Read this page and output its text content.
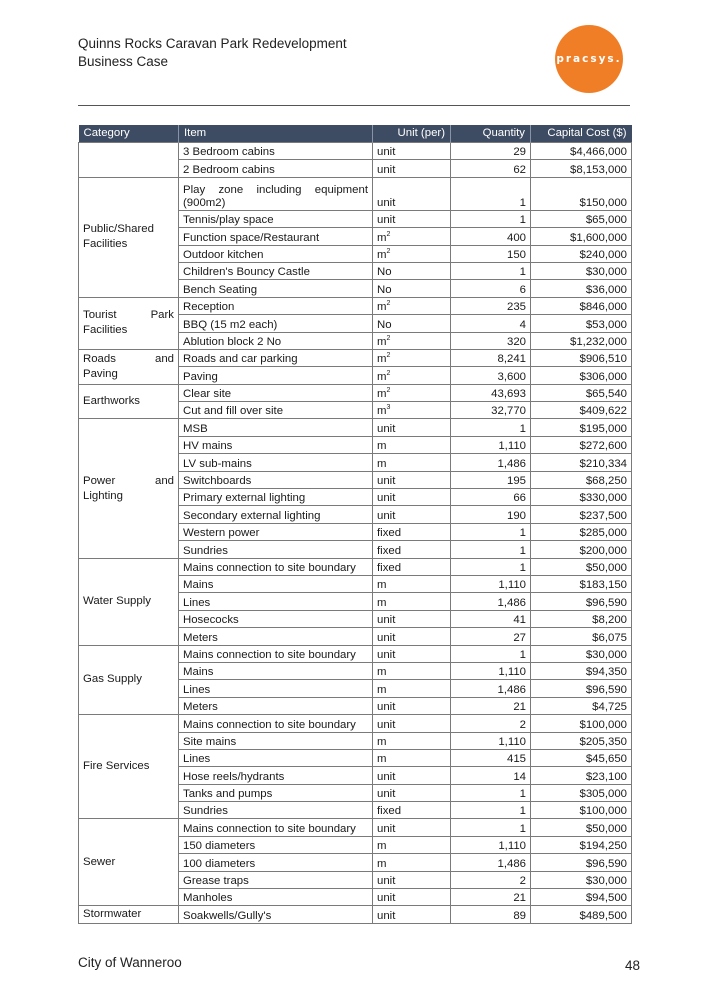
Quinns Rocks Caravan Park Redevelopment
Business Case	pracsys.
Category	Item	Unit (per)	Quantity	Capital Cost ($)
	3 Bedroom cabins	unit	29	$4,466,000
	2 Bedroom cabins	unit	62	$8,153,000
Public/Shared Facilities	Play zone including equipment (900m2)	unit	1	$150,000
	Tennis/play space	unit	1	$65,000
	Function space/Restaurant	$m^2$	400	$1,600,000
	Outdoor kitchen	$m^2$	150	$240,000
	Children's Bouncy Castle	No	1	$30,000
	Bench Seating	No	6	$36,000
Tourist Park Facilities	Reception	$m^2$	235	$846,000
	BBQ (15 m2 each)	No	4	$53,000
	Ablution block 2 No	$m^2$	320	$1,232,000
Roads and Paving	Roads and car parking	$m^2$	8,241	$906,510
	Paving	$m^2$	3,600	$306,000
Earthworks	Clear site	$m^2$	43,693	$65,540
	Cut and fill over site	$m^3$	32,770	$409,622
Power and Lighting	MSB	unit	1	$195,000
	HV mains	m	1,110	$272,600
	LV sub-mains	m	1,486	$210,334
	Switchboards	unit	195	$68,250
	Primary external lighting	unit	66	$330,000
	Secondary external lighting	unit	190	$237,500
	Western power	fixed	1	$285,000
	Sundries	fixed	1	$200,000
Water Supply	Mains connection to site boundary	fixed	1	$50,000
	Mains	m	1,110	$183,150
	Lines	m	1,486	$96,590
	Hosecocks	unit	41	$8,200
	Meters	unit	27	$6,075
Gas Supply	Mains connection to site boundary	unit	1	$30,000
	Mains	m	1,110	$94,350
	Lines	m	1,486	$96,590
	Meters	unit	21	$4,725
Fire Services	Mains connection to site boundary	unit	2	$100,000
	Site mains	m	1,110	$205,350
	Lines	m	415	$45,650
	Hose reels/hydrants	unit	14	$23,100
	Tanks and pumps	unit	1	$305,000
	Sundries	fixed	1	$100,000
Sewer	Mains connection to site boundary	unit	1	$50,000
	150 diameters	m	1,110	$194,250
	100 diameters	m	1,486	$96,590
	Grease traps	unit	2	$30,000
	Manholes	unit	21	$94,500
Stormwater	Soakwells/Gully's	unit	89	$489,500
City of Wanneroo	48
